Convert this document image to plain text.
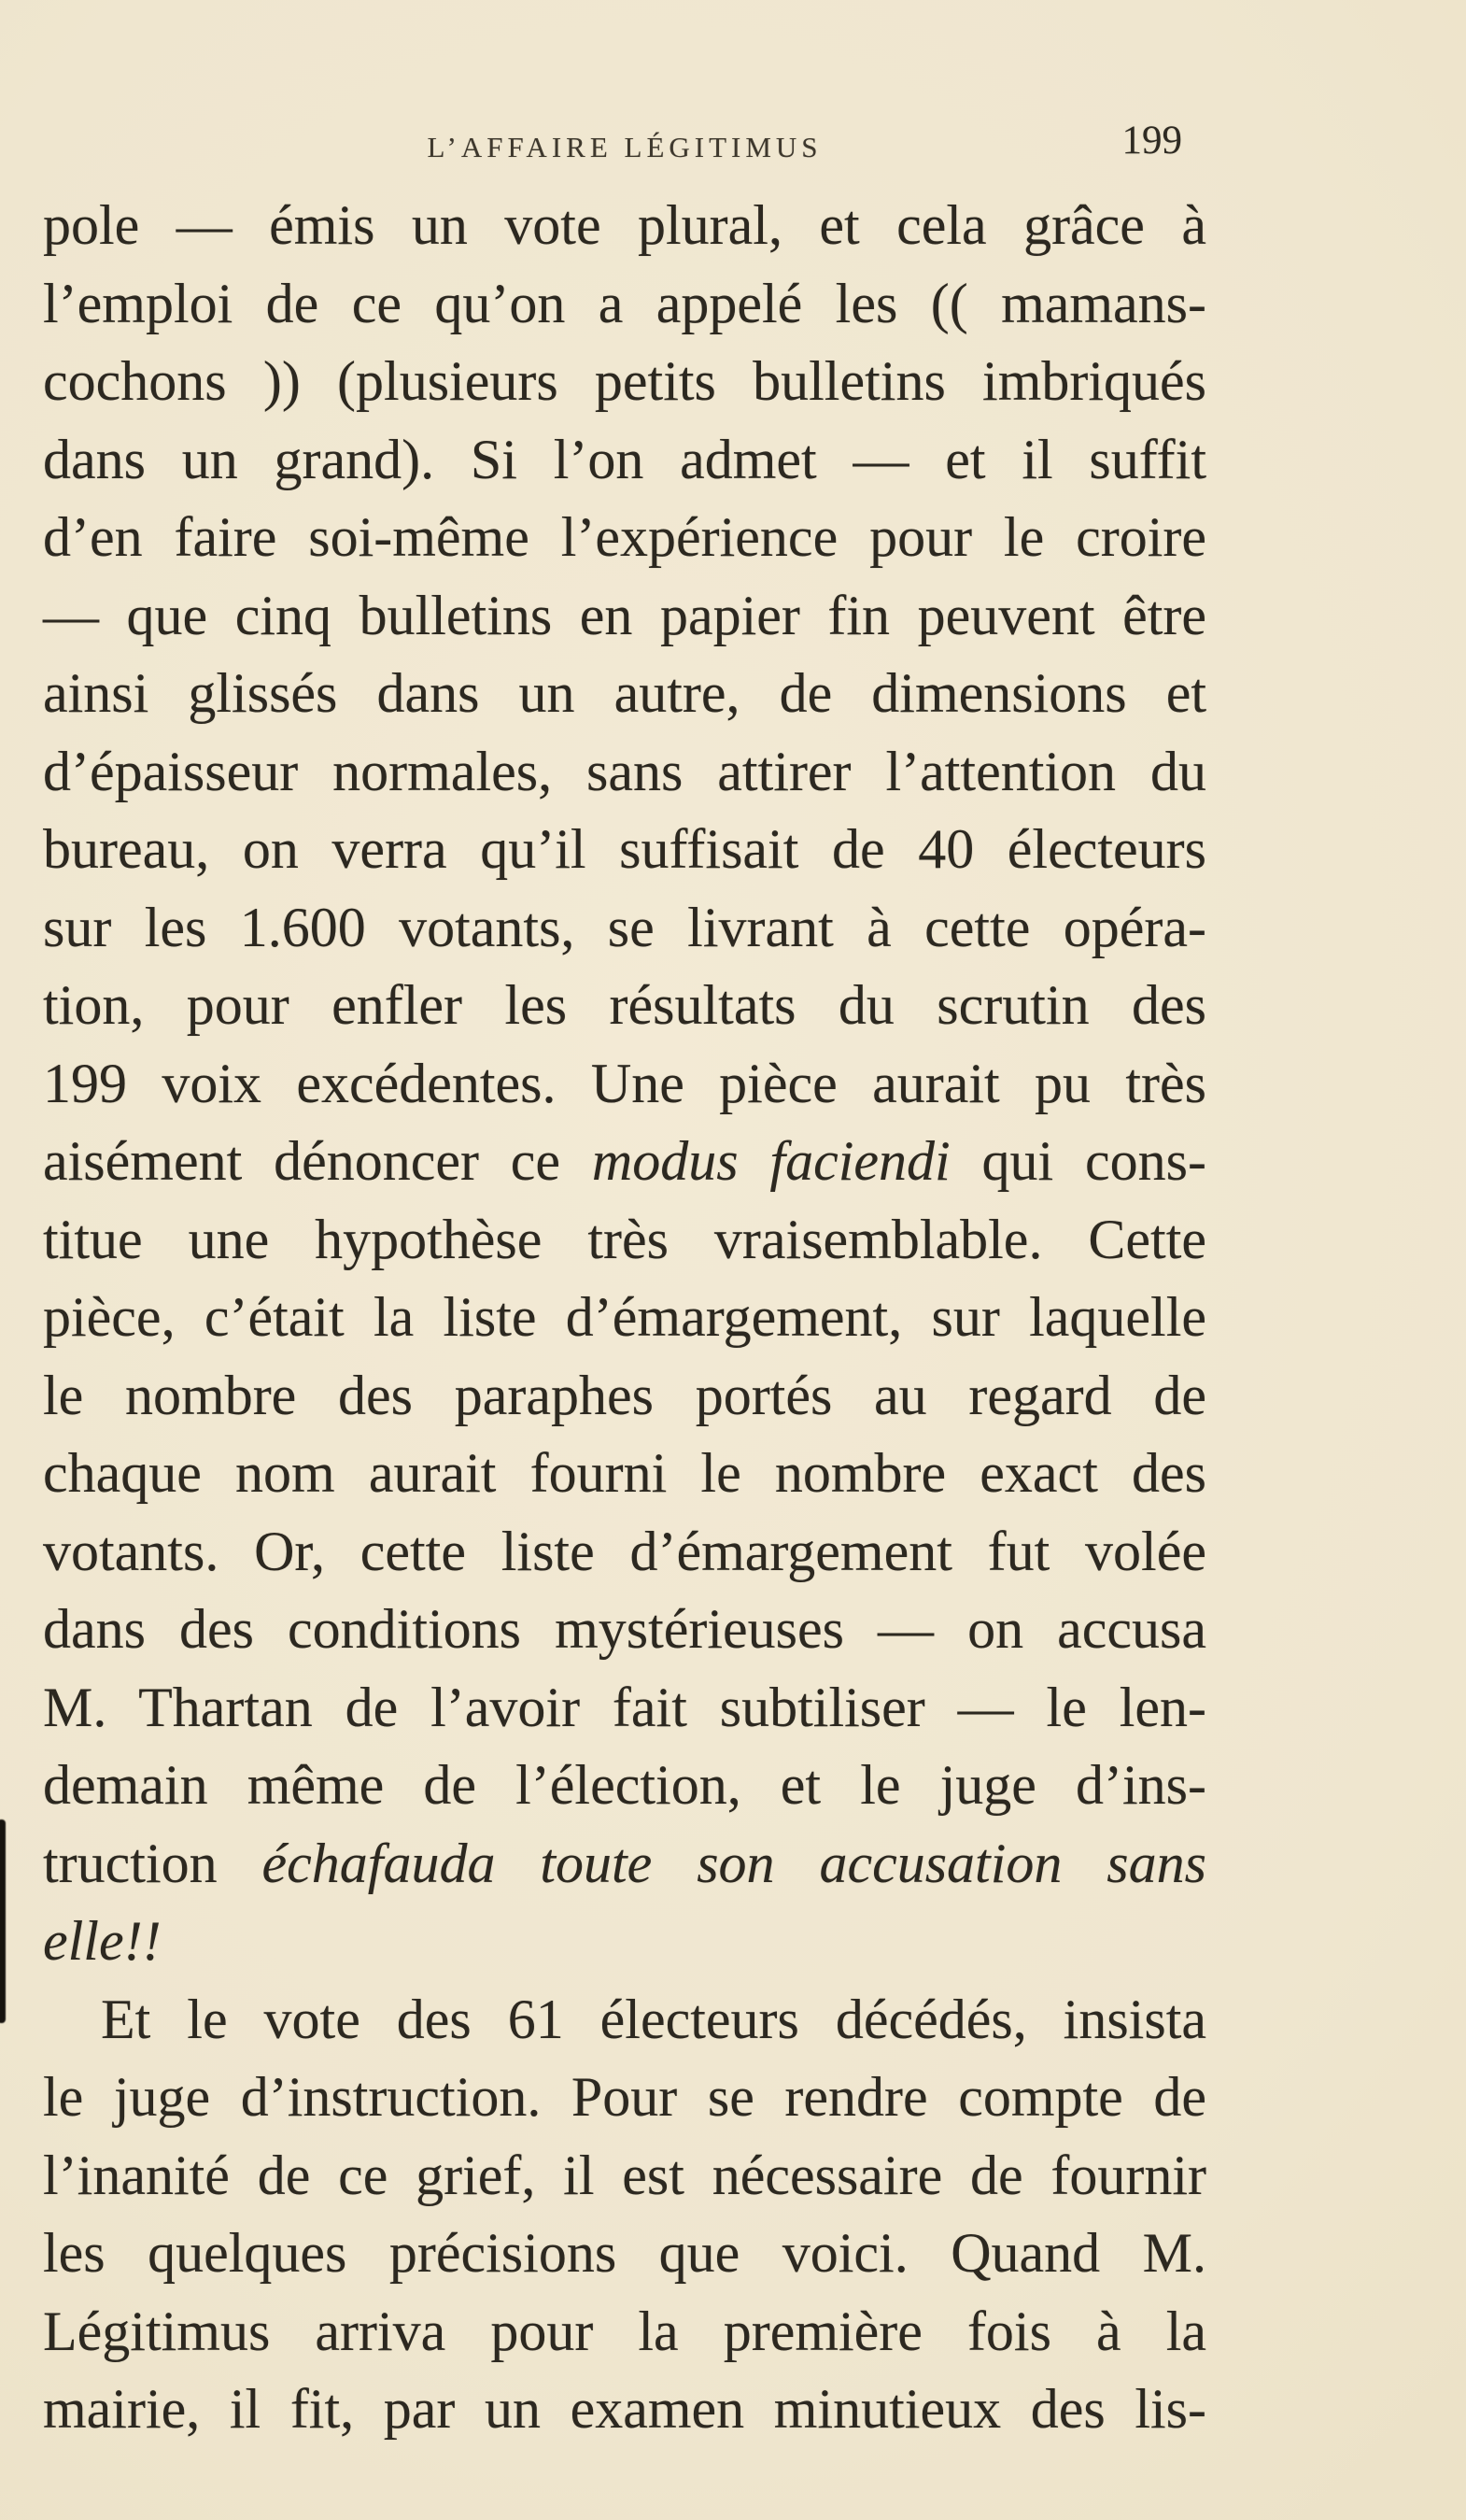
L’AFFAIRE LÉGITIMUS	199
pole — émis un vote plural, et cela grâce à
l’emploi de ce qu’on a appelé les (( mamans-
cochons )) (plusieurs petits bulletins imbriqués
dans un grand). Si l’on admet — et il suffit
d’en faire soi-même l’expérience pour le croire
— que cinq bulletins en papier fin peuvent être
ainsi glissés dans un autre, de dimensions et
d’épaisseur normales, sans attirer l’attention du
bureau, on verra qu’il suffisait de 40 électeurs
sur les 1.600 votants, se livrant à cette opéra-
tion, pour enfler les résultats du scrutin des
199 voix excédentes. Une pièce aurait pu très
aisément dénoncer ce modus faciendi qui cons-
titue une hypothèse très vraisemblable. Cette
pièce, c’était la liste d’émargement, sur laquelle
le nombre des paraphes portés au regard de
chaque nom aurait fourni le nombre exact des
votants. Or, cette liste d’émargement fut volée
dans des conditions mystérieuses — on accusa
M. Thartan de l’avoir fait subtiliser — le len-
demain même de l’élection, et le juge d’ins-
truction échafauda toute son accusation sans
elle!!
Et le vote des 61 électeurs décédés, insista
le juge d’instruction. Pour se rendre compte de
l’inanité de ce grief, il est nécessaire de fournir
les quelques précisions que voici. Quand M.
Légitimus arriva pour la première fois à la
mairie, il fit, par un examen minutieux des lis-
